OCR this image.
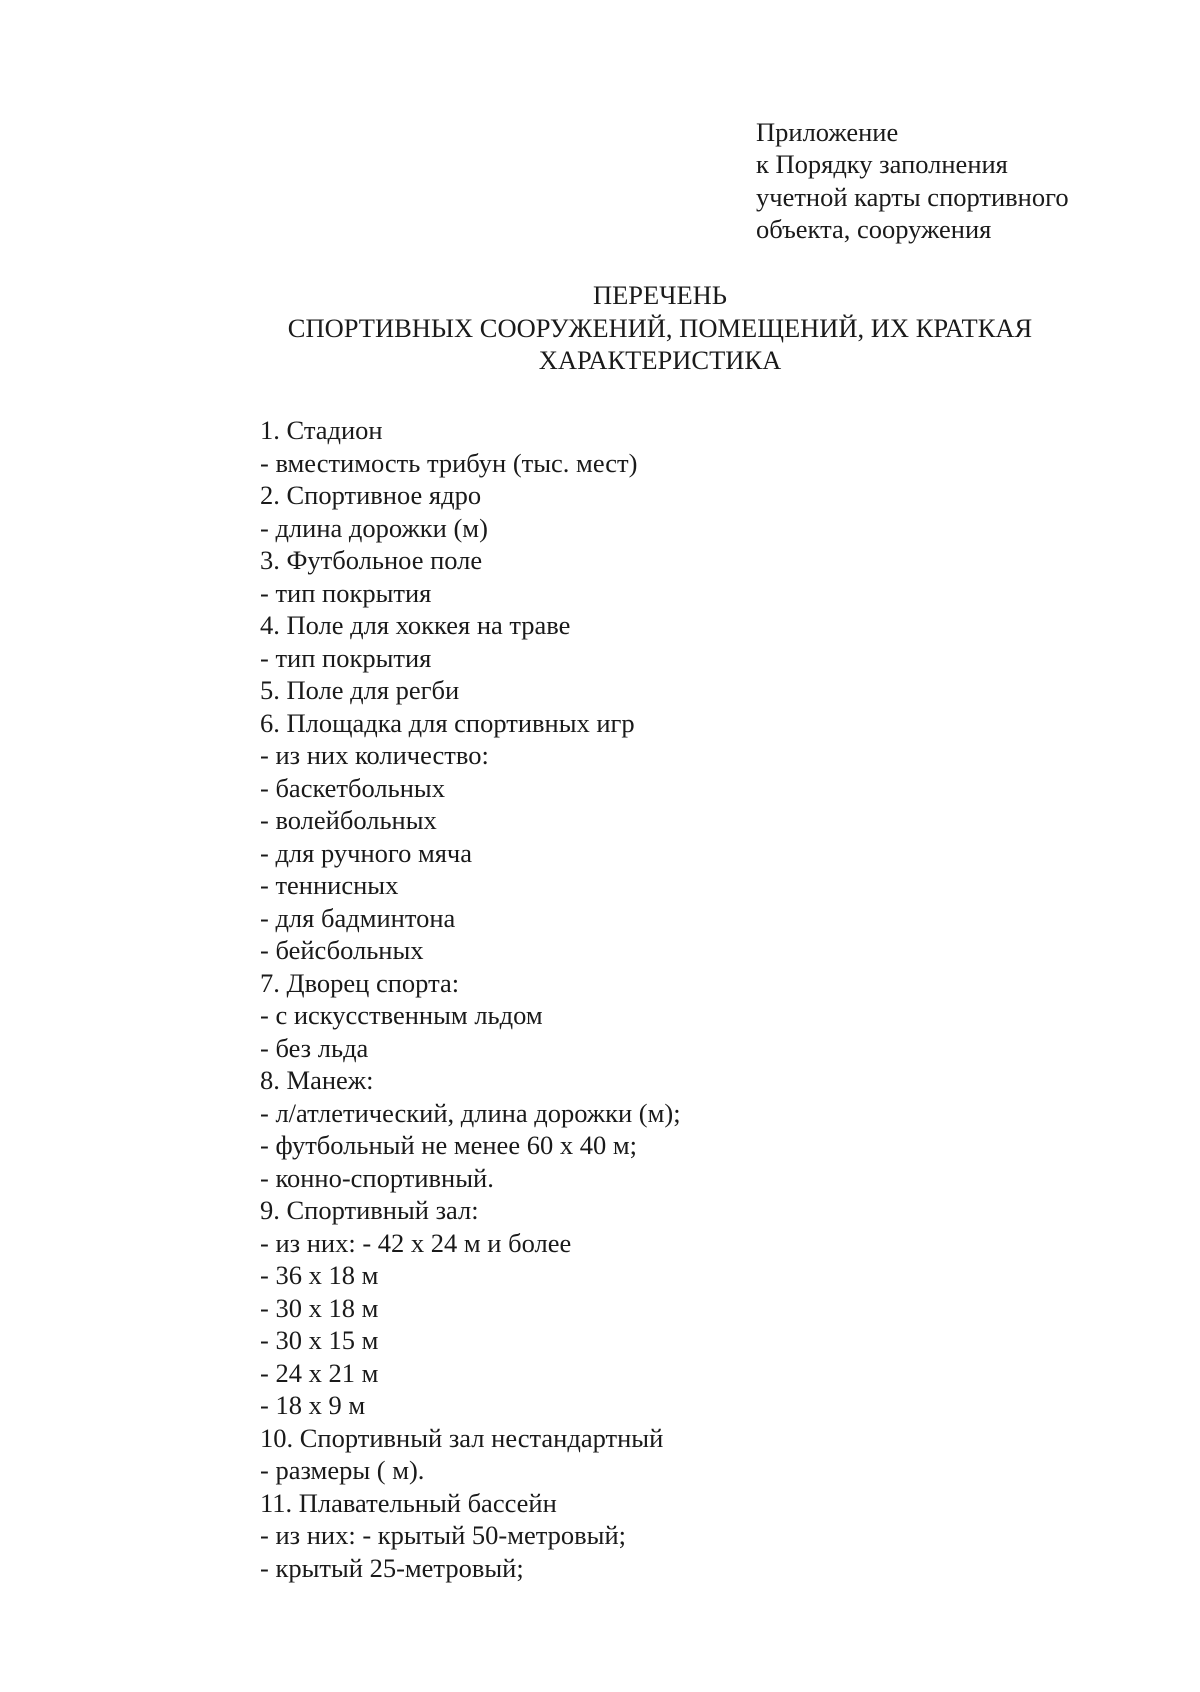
Приложение
к Порядку заполнения
учетной карты спортивного
объекта, сооружения
ПЕРЕЧЕНЬ
СПОРТИВНЫХ СООРУЖЕНИЙ, ПОМЕЩЕНИЙ, ИХ КРАТКАЯ
ХАРАКТЕРИСТИКА
1. Стадион
- вместимость трибун (тыс. мест)
2. Спортивное ядро
- длина дорожки (м)
3. Футбольное поле
- тип покрытия
4. Поле для хоккея на траве
- тип покрытия
5. Поле для регби
6. Площадка для спортивных игр
- из них количество:
- баскетбольных
- волейбольных
- для ручного мяча
- теннисных
- для бадминтона
- бейсбольных
7. Дворец спорта:
- с искусственным льдом
- без льда
8. Манеж:
- л/атлетический, длина дорожки (м);
- футбольный не менее 60 х 40 м;
- конно-спортивный.
9. Спортивный зал:
- из них: - 42 х 24 м и более
- 36 х 18 м
- 30 х 18 м
- 30 х 15 м
- 24 х 21 м
- 18 х 9 м
10. Спортивный зал нестандартный
- размеры ( м).
11. Плавательный бассейн
- из них: - крытый 50-метровый;
- крытый 25-метровый;
